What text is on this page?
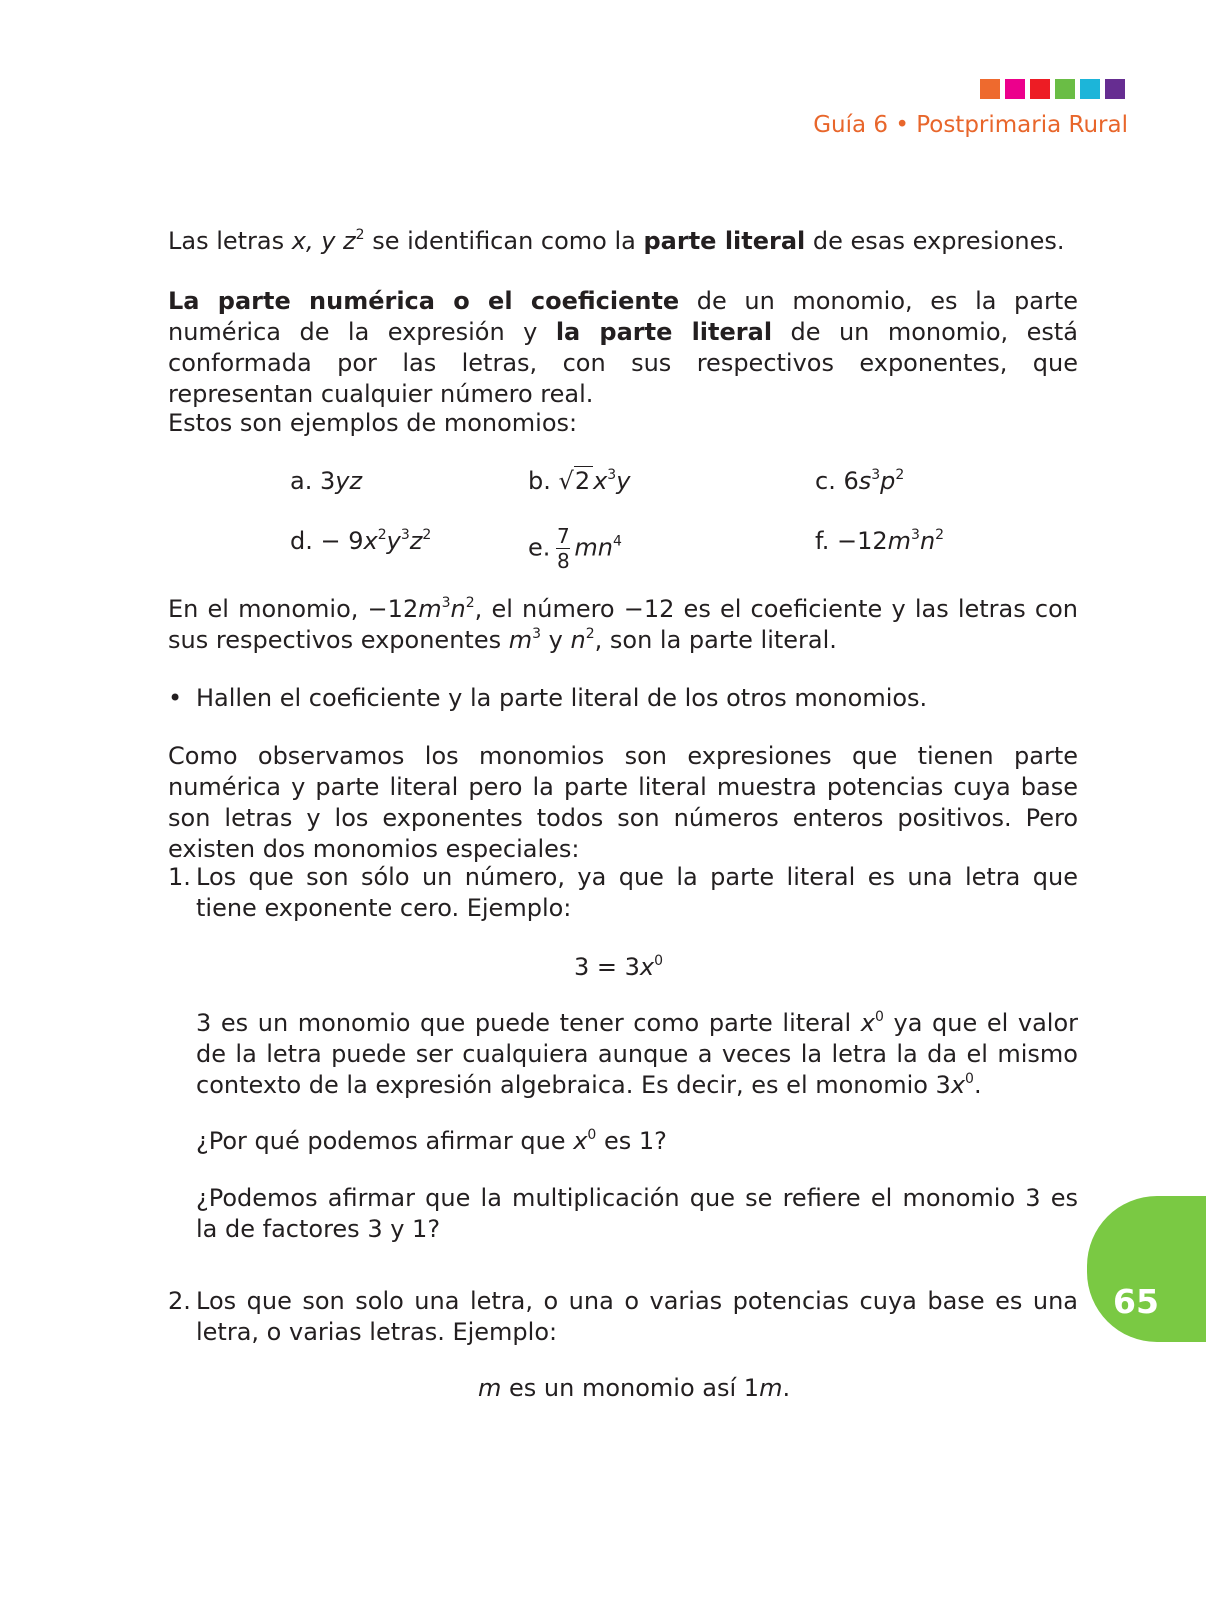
Guía 6 • Postprimaria Rural

Las letras x, y $z^2$ se identifican como la parte literal de esas expresiones.

La parte numérica o el coeficiente de un monomio, es la parte numérica de la expresión y la parte literal de un monomio, está conformada por las letras, con sus respectivos exponentes, que representan cualquier número real.

Estos son ejemplos de monomios:

a. 3yz	b. √2 $x^3y$	c. $6s^3p^2$

d. − $9x^2y^3z^2$	e. $\frac{7}{8} mn^4$	f. $-12m^3n^2$

En el monomio, $-12m^3n^2$, el número −12 es el coeficiente y las letras con sus respectivos exponentes $m^3$ y $n^2$, son la parte literal.

• Hallen el coeficiente y la parte literal de los otros monomios.

Como observamos los monomios son expresiones que tienen parte numérica y parte literal pero la parte literal muestra potencias cuya base son letras y los exponentes todos son números enteros positivos. Pero existen dos monomios especiales:

1. Los que son sólo un número, ya que la parte literal es una letra que tiene exponente cero. Ejemplo:

$3 = 3x^0$

3 es un monomio que puede tener como parte literal $x^0$ ya que el valor de la letra puede ser cualquiera aunque a veces la letra la da el mismo contexto de la expresión algebraica. Es decir, es el monomio $3x^0$.

¿Por qué podemos afirmar que $x^0$ es 1?

¿Podemos afirmar que la multiplicación que se refiere el monomio 3 es la de factores 3 y 1?

2. Los que son solo una letra, o una o varias potencias cuya base es una letra, o varias letras. Ejemplo:

m es un monomio así 1m.

65
